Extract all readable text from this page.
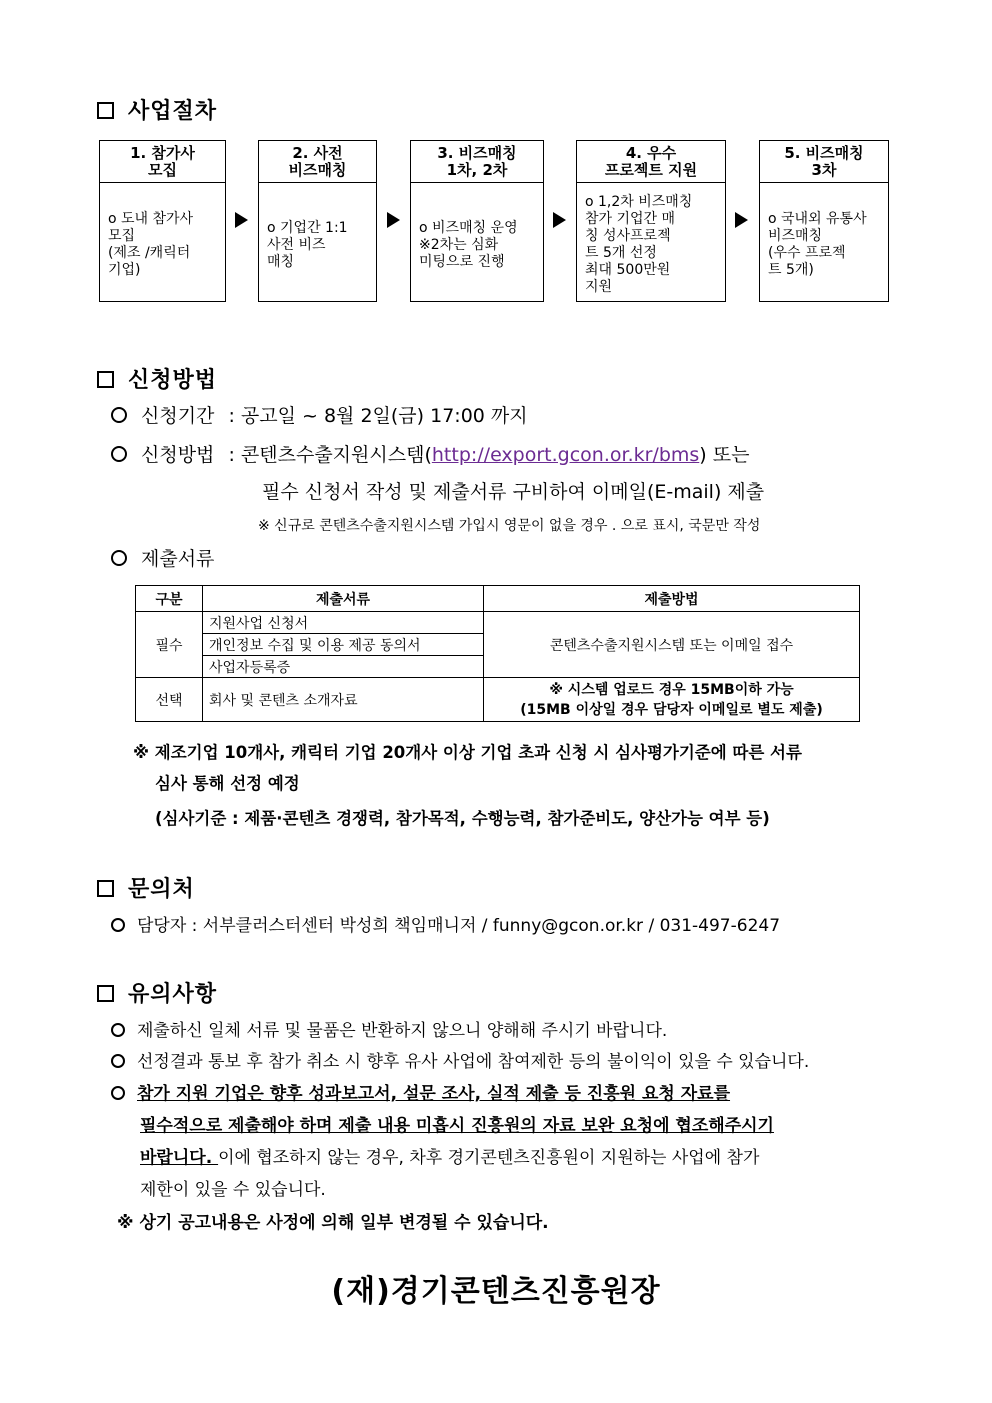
사업절차
1. 참가사
모집
o 도내 참가사
모집
(제조 /캐릭터
기업)
2. 사전
비즈매칭
o 기업간 1:1
사전 비즈
매칭
3. 비즈매칭
1차, 2차
o 비즈매칭 운영
※2차는 심화
미팅으로 진행
4. 우수
프로젝트 지원
o 1,2차 비즈매칭
참가 기업간 매
칭 성사프로젝
트 5개 선정
최대 500만원
지원
5. 비즈매칭
3차
o 국내외 유통사
비즈매칭
(우수 프로젝
트 5개)
신청방법
신청기간 : 공고일 ~ 8월 2일(금) 17:00 까지
신청방법 : 콘텐츠수출지원시스템(http://export.gcon.or.kr/bms) 또는
필수 신청서 작성 및 제출서류 구비하여 이메일(E-mail) 제출
※ 신규로 콘텐츠수출지원시스템 가입시 영문이 없을 경우 . 으로 표시, 국문만 작성
제출서류
구분	제출서류	제출방법
필수	지원사업 신청서	콘텐츠수출지원시스템 또는 이메일 접수
	개인정보 수집 및 이용 제공 동의서	
	사업자등록증	
선택	회사 및 콘텐츠 소개자료	※ 시스템 업로드 경우 15MB이하 가능
(15MB 이상일 경우 담당자 이메일로 별도 제출)
※ 제조기업 10개사, 캐릭터 기업 20개사 이상 기업 초과 신청 시 심사평가기준에 따른 서류
심사 통해 선정 예정
(심사기준 : 제품·콘텐츠 경쟁력, 참가목적, 수행능력, 참가준비도, 양산가능 여부 등)
문의처
담당자 : 서부클러스터센터 박성희 책임매니저 / funny@gcon.or.kr / 031-497-6247
유의사항
제출하신 일체 서류 및 물품은 반환하지 않으니 양해해 주시기 바랍니다.
선정결과 통보 후 참가 취소 시 향후 유사 사업에 참여제한 등의 불이익이 있을 수 있습니다.
참가 지원 기업은 향후 성과보고서, 설문 조사, 실적 제출 등 진흥원 요청 자료를
필수적으로 제출해야 하며 제출 내용 미흡시 진흥원의 자료 보완 요청에 협조해주시기
바랍니다. 이에 협조하지 않는 경우, 차후 경기콘텐츠진흥원이 지원하는 사업에 참가
제한이 있을 수 있습니다.
※ 상기 공고내용은 사정에 의해 일부 변경될 수 있습니다.
(재)경기콘텐츠진흥원장
